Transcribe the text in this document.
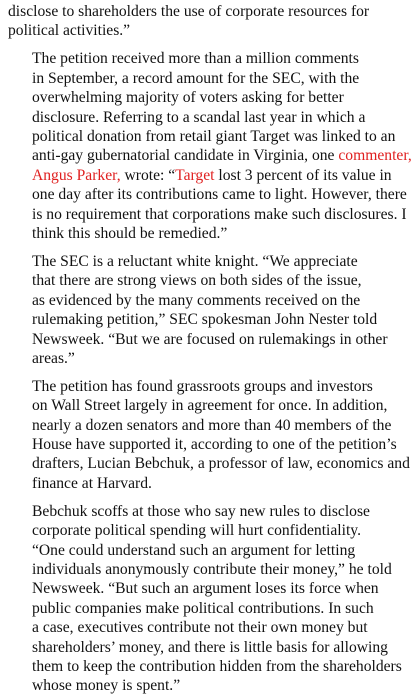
disclose to shareholders the use of corporate resources for
political activities.”

The petition received more than a million comments
in September, a record amount for the SEC, with the
overwhelming majority of voters asking for better
disclosure. Referring to a scandal last year in which a
political donation from retail giant Target was linked to an
anti-gay gubernatorial candidate in Virginia, one commenter,
Angus Parker, wrote: “Target lost 3 percent of its value in
one day after its contributions came to light. However, there
is no requirement that corporations make such disclosures. I
think this should be remedied.”

The SEC is a reluctant white knight. “We appreciate
that there are strong views on both sides of the issue,
as evidenced by the many comments received on the
rulemaking petition,” SEC spokesman John Nester told
Newsweek. “But we are focused on rulemakings in other
areas.”

The petition has found grassroots groups and investors
on Wall Street largely in agreement for once. In addition,
nearly a dozen senators and more than 40 members of the
House have supported it, according to one of the petition’s
drafters, Lucian Bebchuk, a professor of law, economics and
finance at Harvard.

Bebchuk scoffs at those who say new rules to disclose
corporate political spending will hurt confidentiality.
“One could understand such an argument for letting
individuals anonymously contribute their money,” he told
Newsweek. “But such an argument loses its force when
public companies make political contributions. In such
a case, executives contribute not their own money but
shareholders’ money, and there is little basis for allowing
them to keep the contribution hidden from the shareholders
whose money is spent.”
